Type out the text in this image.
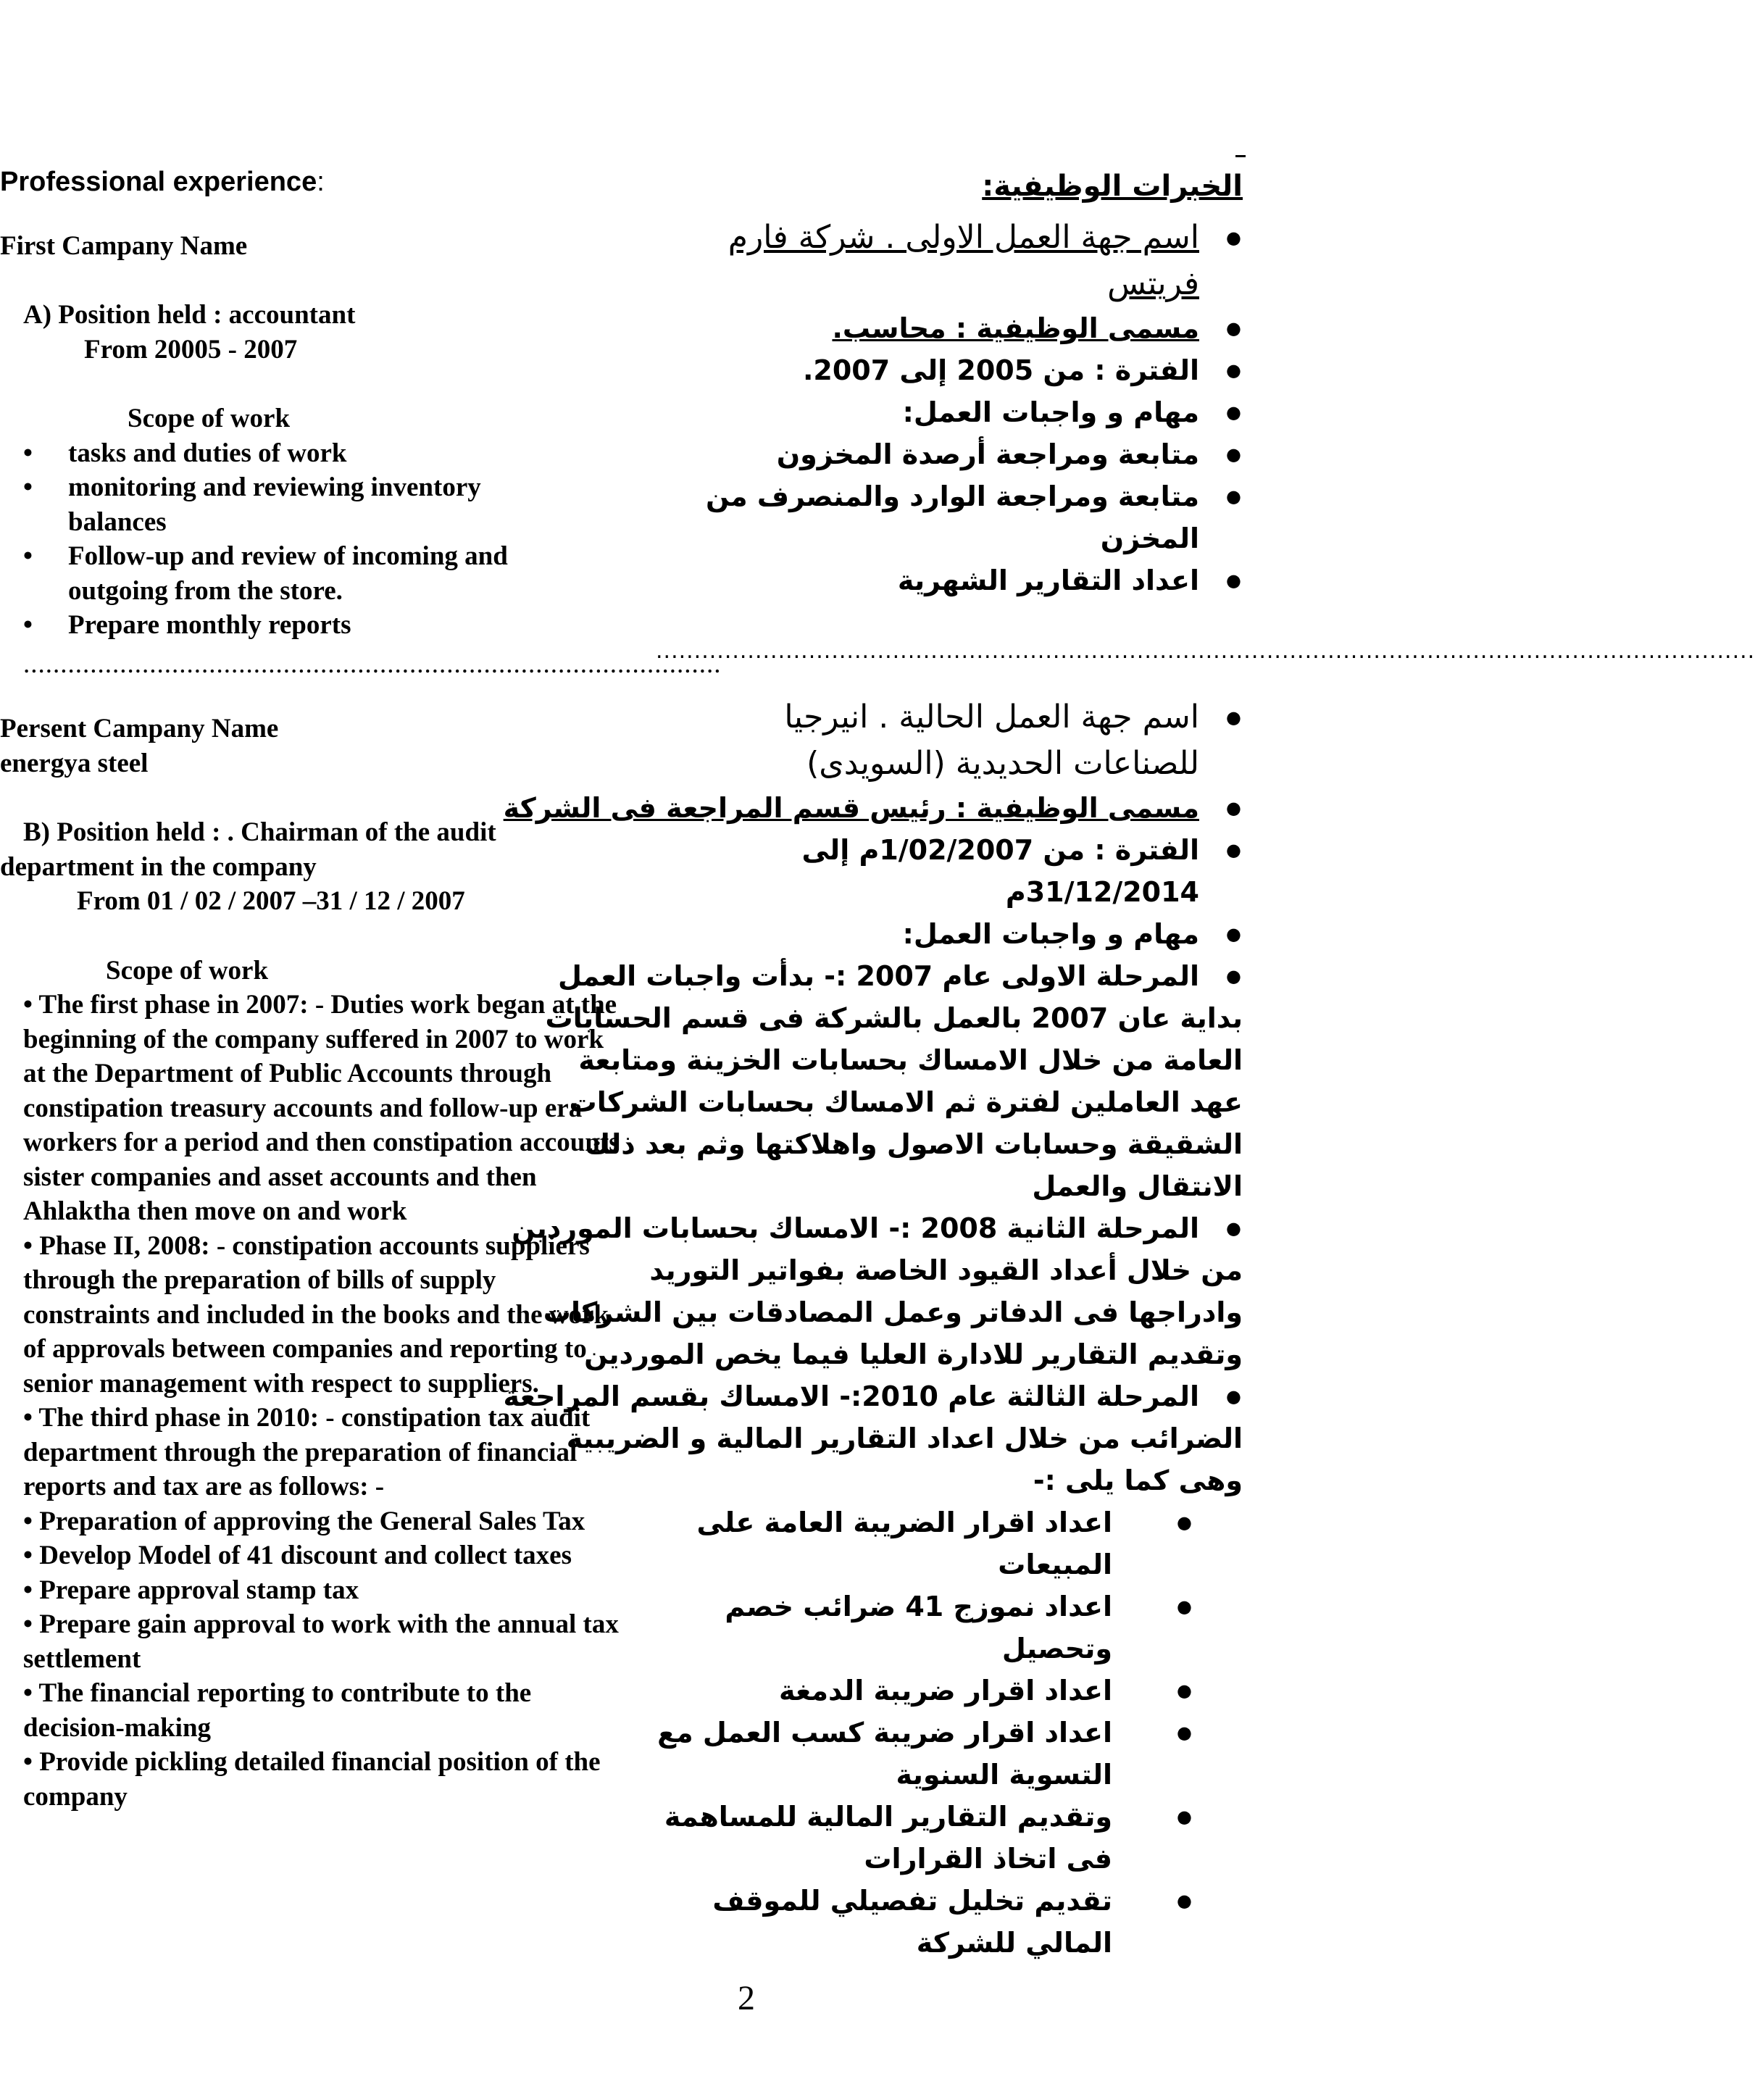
Professional experience:
First Campany Name
A) Position held : accountant
From 20005 - 2007
Scope of work
• tasks and duties of work
• monitoring and reviewing inventory balances
• Follow-up and review of incoming and outgoing from the store.
• Prepare monthly reports
..............................................................................................
Persent Campany Name
energya steel
B) Position held : . Chairman of the audit
department in the company
From 01 / 02 / 2007 –31 / 12 / 2007
Scope of work

• The first phase in 2007: - Duties work began at the beginning of the company suffered in 2007 to work at the Department of Public Accounts through constipation treasury accounts and follow-up era workers for a period and then constipation accounts sister companies and asset accounts and then Ahlaktha then move on and work

• Phase II, 2008: - constipation accounts suppliers through the preparation of bills of supply constraints and included in the books and the work of approvals between companies and reporting to senior management with respect to suppliers.

• The third phase in 2010: - constipation tax audit department through the preparation of financial reports and tax are as follows: -

• Preparation of approving the General Sales Tax

• Develop Model of 41 discount and collect taxes

• Prepare approval stamp tax

• Prepare gain approval to work with the annual tax settlement

• The financial reporting to contribute to the decision-making

• Provide pickling detailed financial position of the company

الخبرات الوظيفية:
● اسم جهة العمل الاولى . شركة فارم فريتس
● مسمى الوظيفية : محاسب.
● الفترة : من 2005 إلى 2007.
● مهام و واجبات العمل:
● متابعة ومراجعة أرصدة المخزون
● متابعة ومراجعة الوارد والمنصرف من المخزن
● اعداد التقارير الشهرية
................................................................................................................................................
● اسم جهة العمل الحالية . انيرجيا للصناعات الحديدية (السويدى)
● مسمى الوظيفية : رئيس قسم المراجعة فى الشركة
● الفترة : من 1/02/2007م إلى 31/12/2014م
● مهام و واجبات العمل:
● المرحلة الاولى عام 2007 :- بدأت واجبات العمل
بداية عان 2007 بالعمل بالشركة فى قسم الحسابات
العامة من خلال الامساك بحسابات الخزينة ومتابعة
عهد العاملين لفترة ثم الامساك بحسابات الشركات
الشقيقة وحسابات الاصول واهلاكتها وثم بعد ذلك
الانتقال والعمل
● المرحلة الثانية 2008 :- الامساك بحسابات الموردين
من خلال أعداد القيود الخاصة بفواتير التوريد
وادراجها فى الدفاتر وعمل المصادقات بين الشركات
وتقديم التقارير للادارة العليا فيما يخص الموردين
● المرحلة الثالثة عام 2010:- الامساك بقسم المراجعة
الضرائب من خلال اعداد التقارير المالية و الضريبية
وهى كما يلى :-
● اعداد اقرار الضريبة العامة على المبيعات
● اعداد نموزج 41 ضرائب خصم وتحصيل
● اعداد اقرار ضريبة الدمغة
● اعداد اقرار ضريبة كسب العمل مع التسوية السنوية
● وتقديم التقارير المالية للمساهمة فى اتخاذ القرارات
● تقديم تخليل تفصيلي للموقف المالي للشركة
2
